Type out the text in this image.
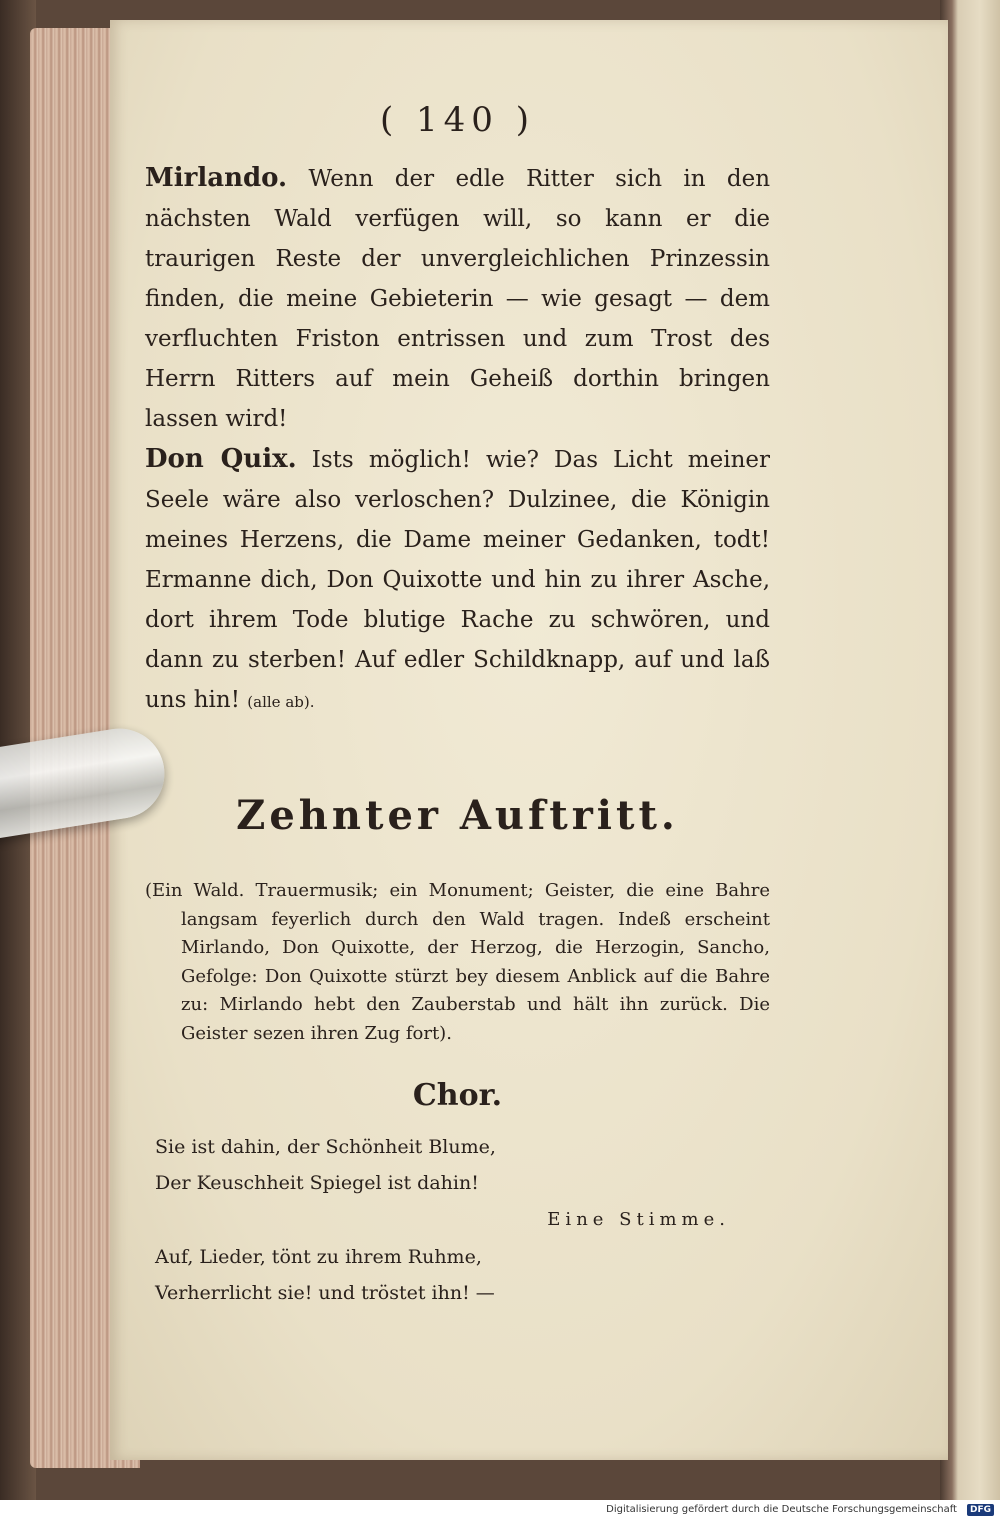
( 140 )

Mirlando. Wenn der edle Ritter sich in den nächsten Wald verfügen will, so kann er die traurigen Reste der unvergleichlichen Prinzessin finden, die meine Gebieterin — wie gesagt — dem verfluchten Friston entrissen und zum Trost des Herrn Ritters auf mein Geheiß dorthin bringen lassen wird!

Don Quix. Ists möglich! wie? Das Licht meiner Seele wäre also verloschen? Dulzinee, die Königin meines Herzens, die Dame meiner Gedanken, todt! Ermanne dich, Don Quixotte und hin zu ihrer Asche, dort ihrem Tode blutige Rache zu schwören, und dann zu sterben! Auf edler Schildknapp, auf und laß uns hin! (alle ab).

Zehnter Auftritt.

(Ein Wald. Trauermusik; ein Monument; Geister, die eine Bahre langsam feyerlich durch den Wald tragen. Indeß erscheint Mirlando, Don Quixotte, der Herzog, die Herzogin, Sancho, Gefolge: Don Quixotte stürzt bey diesem Anblick auf die Bahre zu: Mirlando hebt den Zauberstab und hält ihn zurück. Die Geister sezen ihren Zug fort).

Chor.

Sie ist dahin, der Schönheit Blume,

Der Keuschheit Spiegel ist dahin!

Eine Stimme.

Auf, Lieder, tönt zu ihrem Ruhme,

Verherrlicht sie! und tröstet ihn! —

Digitalisierung gefördert durch die Deutsche Forschungsgemeinschaft DFG
